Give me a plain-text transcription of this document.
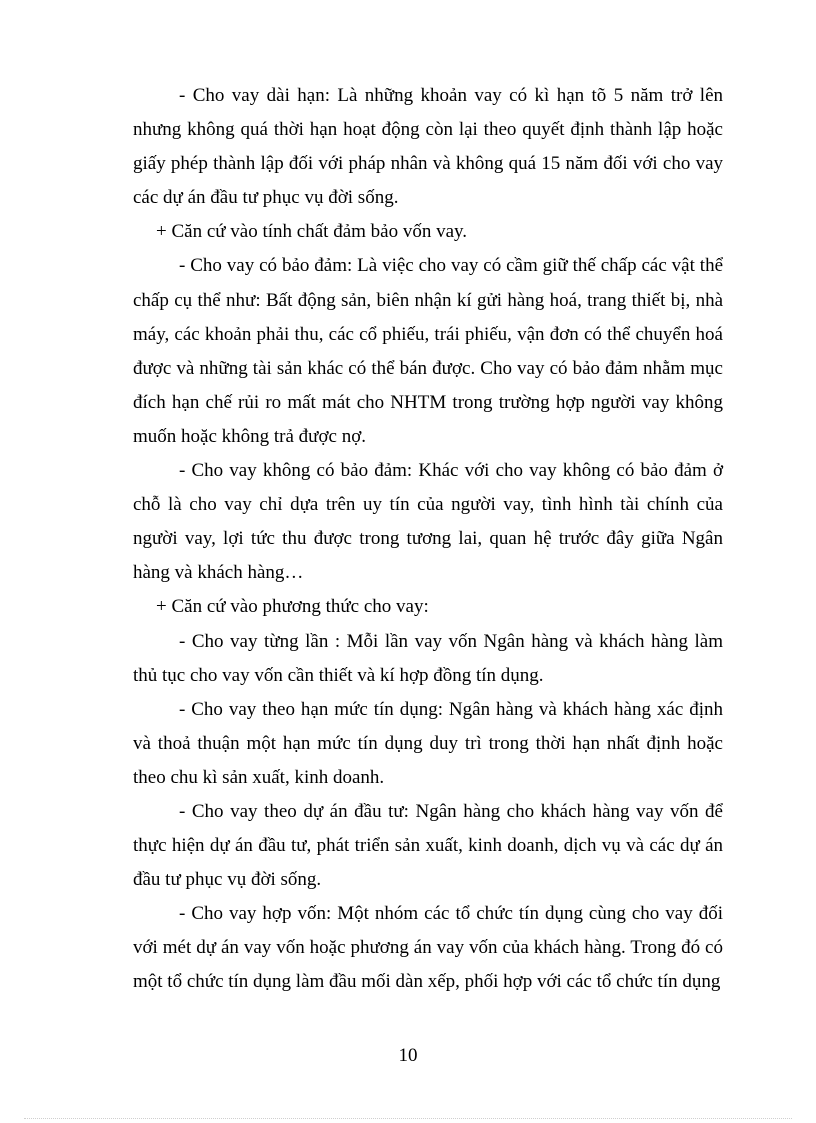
- Cho vay dài hạn: Là những khoản vay có kì hạn tõ 5 năm trở lên nhưng không quá thời hạn hoạt động còn lại theo quyết định thành lập hoặc giấy phép thành lập đối với pháp nhân và không quá 15 năm đối với cho vay các dự án đầu tư phục vụ đời sống.

+ Căn cứ vào tính chất đảm bảo vốn vay.

- Cho vay có bảo đảm: Là việc cho vay có cầm giữ thế chấp các vật thể chấp cụ thể như: Bất động sản, biên nhận kí gửi hàng hoá, trang thiết bị, nhà máy, các khoản phải thu, các cổ phiếu, trái phiếu, vận đơn có thể chuyển hoá được và những tài sản khác có thể bán được. Cho vay có bảo đảm nhằm mục đích hạn chế rủi ro mất mát cho NHTM trong trường hợp người vay không muốn hoặc không trả được nợ.

- Cho vay không có bảo đảm: Khác với cho vay không có bảo đảm ở chỗ là cho vay chỉ dựa trên uy tín của người vay, tình hình tài chính của người vay, lợi tức thu được trong tương lai, quan hệ trước đây giữa Ngân hàng và khách hàng…

+ Căn cứ vào phương thức cho vay:

- Cho vay từng lần : Mỗi lần vay vốn Ngân hàng và khách hàng làm thủ tục cho vay vốn cần thiết và kí hợp đồng tín dụng.

- Cho vay theo hạn mức tín dụng: Ngân hàng và khách hàng xác định và thoả thuận một hạn mức tín dụng duy trì trong thời hạn nhất định hoặc theo chu kì sản xuất, kinh doanh.

- Cho vay theo dự án đầu tư: Ngân hàng cho khách hàng vay vốn để thực hiện dự án đầu tư, phát triển sản xuất, kinh doanh, dịch vụ và các dự án đầu tư phục vụ đời sống.

- Cho vay hợp vốn: Một nhóm các tổ chức tín dụng cùng cho vay đối với mét dự án vay vốn hoặc phương án vay vốn của khách hàng. Trong đó có một tổ chức tín dụng làm đầu mối dàn xếp, phối hợp với các tổ chức tín dụng

10
